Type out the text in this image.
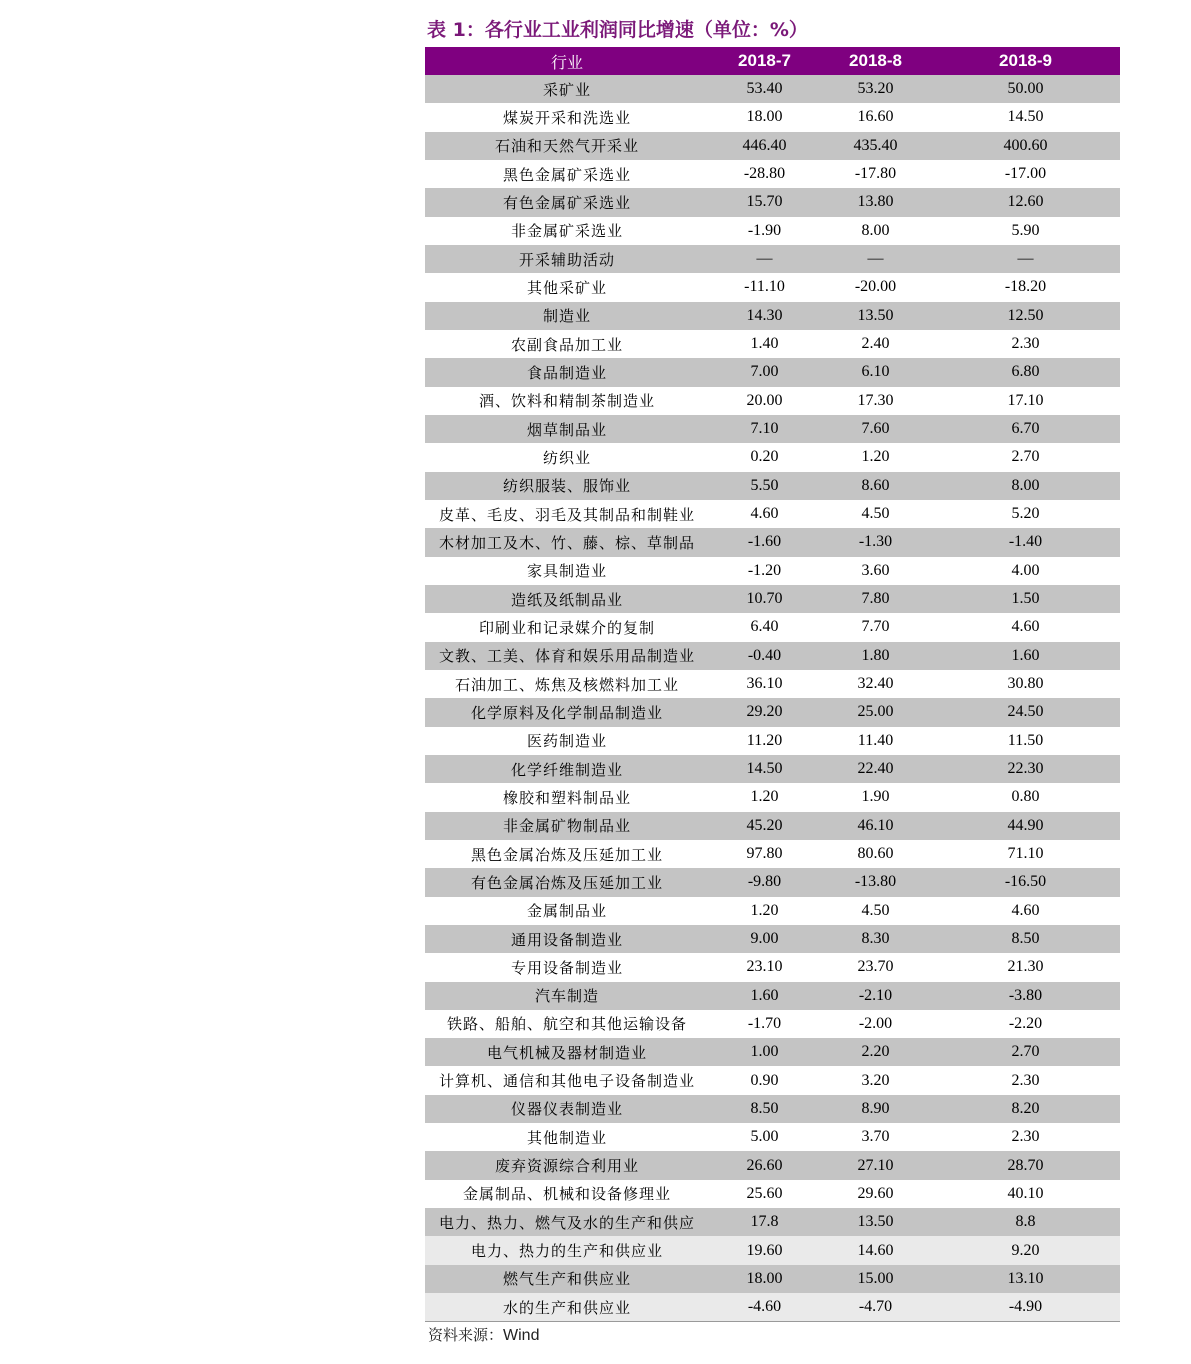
表 1：各行业工业利润同比增速（单位：%）
行业	2018-7	2018-8	2018-9
采矿业	53.40	53.20	50.00
煤炭开采和洗选业	18.00	16.60	14.50
石油和天然气开采业	446.40	435.40	400.60
黑色金属矿采选业	-28.80	-17.80	-17.00
有色金属矿采选业	15.70	13.80	12.60
非金属矿采选业	-1.90	8.00	5.90
开采辅助活动	—	—	—
其他采矿业	-11.10	-20.00	-18.20
制造业	14.30	13.50	12.50
农副食品加工业	1.40	2.40	2.30
食品制造业	7.00	6.10	6.80
酒、饮料和精制茶制造业	20.00	17.30	17.10
烟草制品业	7.10	7.60	6.70
纺织业	0.20	1.20	2.70
纺织服装、服饰业	5.50	8.60	8.00
皮革、毛皮、羽毛及其制品和制鞋业	4.60	4.50	5.20
木材加工及木、竹、藤、棕、草制品	-1.60	-1.30	-1.40
家具制造业	-1.20	3.60	4.00
造纸及纸制品业	10.70	7.80	1.50
印刷业和记录媒介的复制	6.40	7.70	4.60
文教、工美、体育和娱乐用品制造业	-0.40	1.80	1.60
石油加工、炼焦及核燃料加工业	36.10	32.40	30.80
化学原料及化学制品制造业	29.20	25.00	24.50
医药制造业	11.20	11.40	11.50
化学纤维制造业	14.50	22.40	22.30
橡胶和塑料制品业	1.20	1.90	0.80
非金属矿物制品业	45.20	46.10	44.90
黑色金属冶炼及压延加工业	97.80	80.60	71.10
有色金属冶炼及压延加工业	-9.80	-13.80	-16.50
金属制品业	1.20	4.50	4.60
通用设备制造业	9.00	8.30	8.50
专用设备制造业	23.10	23.70	21.30
汽车制造	1.60	-2.10	-3.80
铁路、船舶、航空和其他运输设备	-1.70	-2.00	-2.20
电气机械及器材制造业	1.00	2.20	2.70
计算机、通信和其他电子设备制造业	0.90	3.20	2.30
仪器仪表制造业	8.50	8.90	8.20
其他制造业	5.00	3.70	2.30
废弃资源综合利用业	26.60	27.10	28.70
金属制品、机械和设备修理业	25.60	29.60	40.10
电力、热力、燃气及水的生产和供应	17.8	13.50	8.8
电力、热力的生产和供应业	19.60	14.60	9.20
燃气生产和供应业	18.00	15.00	13.10
水的生产和供应业	-4.60	-4.70	-4.90
资料来源：Wind
